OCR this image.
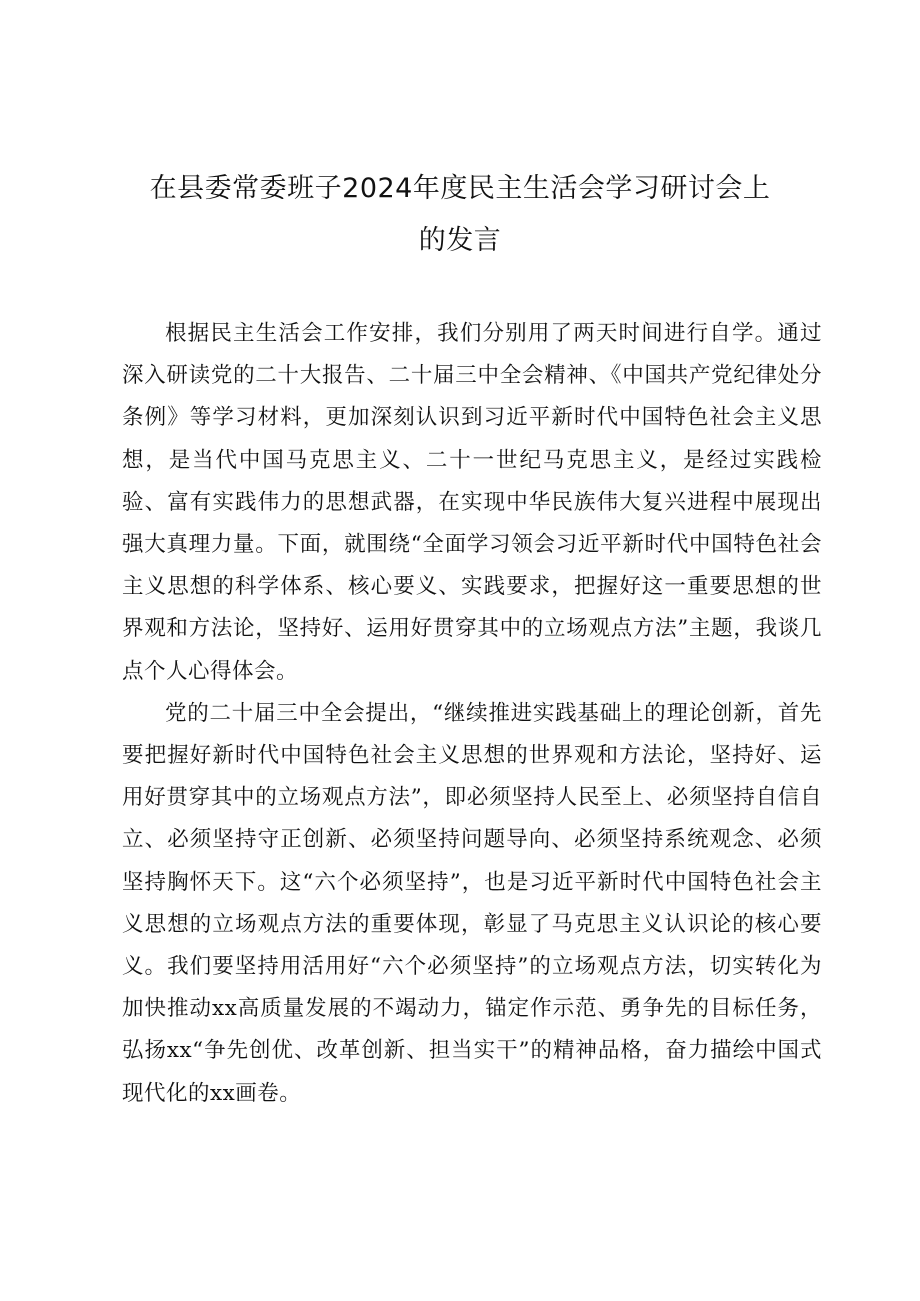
在县委常委班子2024年度民主生活会学习研讨会上的发言

根据民主生活会工作安排，我们分别用了两天时间进行自学。通过深入研读党的二十大报告、二十届三中全会精神、《中国共产党纪律处分条例》等学习材料，更加深刻认识到习近平新时代中国特色社会主义思想，是当代中国马克思主义、二十一世纪马克思主义，是经过实践检验、富有实践伟力的思想武器，在实现中华民族伟大复兴进程中展现出强大真理力量。下面，就围绕“全面学习领会习近平新时代中国特色社会主义思想的科学体系、核心要义、实践要求，把握好这一重要思想的世界观和方法论，坚持好、运用好贯穿其中的立场观点方法”主题，我谈几点个人心得体会。

党的二十届三中全会提出，“继续推进实践基础上的理论创新，首先要把握好新时代中国特色社会主义思想的世界观和方法论，坚持好、运用好贯穿其中的立场观点方法”，即必须坚持人民至上、必须坚持自信自立、必须坚持守正创新、必须坚持问题导向、必须坚持系统观念、必须坚持胸怀天下。这“六个必须坚持”，也是习近平新时代中国特色社会主义思想的立场观点方法的重要体现，彰显了马克思主义认识论的核心要义。我们要坚持用活用好“六个必须坚持”的立场观点方法，切实转化为加快推动xx高质量发展的不竭动力，锚定作示范、勇争先的目标任务，弘扬xx“争先创优、改革创新、担当实干”的精神品格，奋力描绘中国式现代化的xx画卷。
